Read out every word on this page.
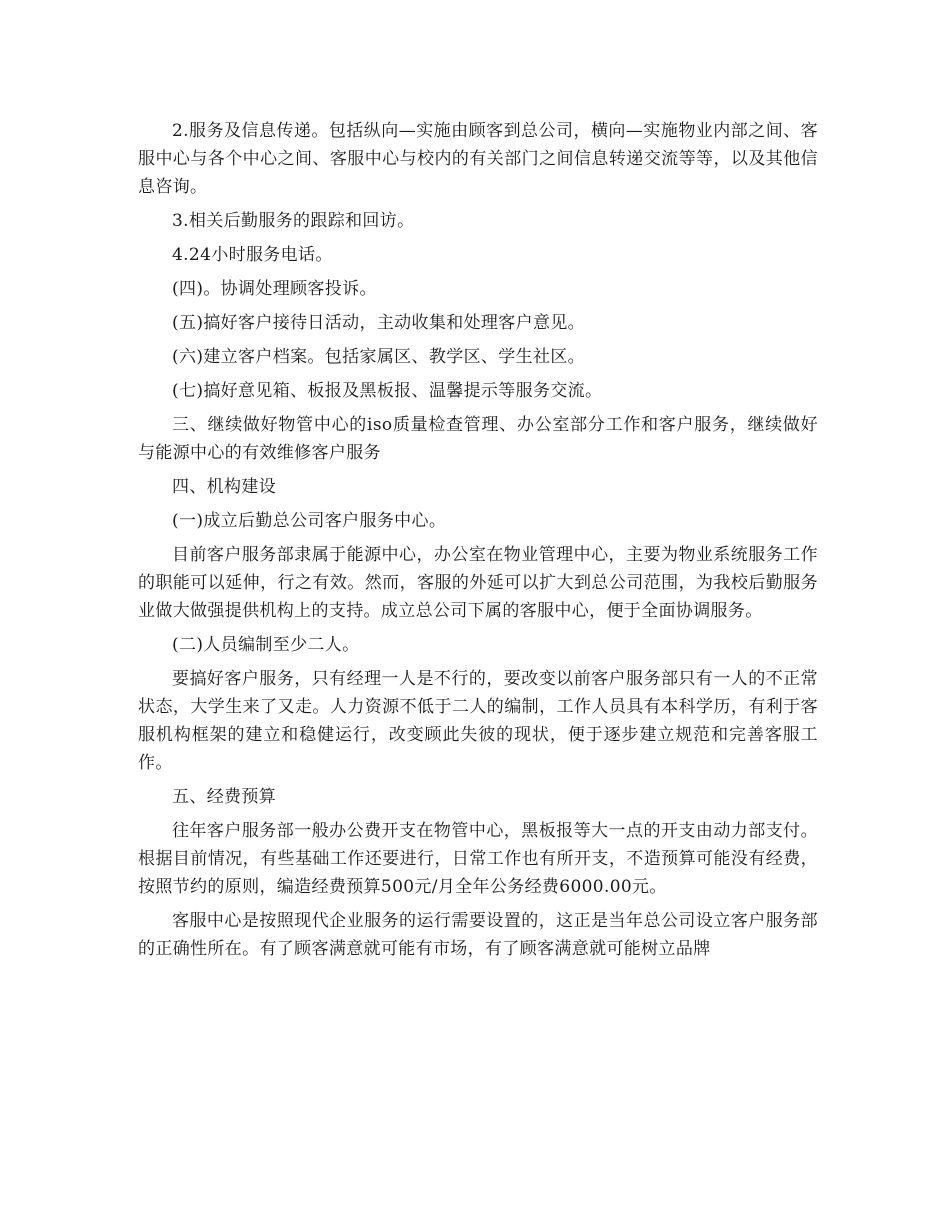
2.服务及信息传递。包括纵向—实施由顾客到总公司，横向—实施物业内部之间、客服中心与各个中心之间、客服中心与校内的有关部门之间信息转递交流等等，以及其他信息咨询。

3.相关后勤服务的跟踪和回访。

4.24小时服务电话。

(四)。协调处理顾客投诉。

(五)搞好客户接待日活动，主动收集和处理客户意见。

(六)建立客户档案。包括家属区、教学区、学生社区。

(七)搞好意见箱、板报及黑板报、温馨提示等服务交流。

三、继续做好物管中心的iso质量检查管理、办公室部分工作和客户服务，继续做好与能源中心的有效维修客户服务

四、机构建设

(一)成立后勤总公司客户服务中心。

目前客户服务部隶属于能源中心，办公室在物业管理中心，主要为物业系统服务工作的职能可以延伸，行之有效。然而，客服的外延可以扩大到总公司范围，为我校后勤服务业做大做强提供机构上的支持。成立总公司下属的客服中心，便于全面协调服务。

(二)人员编制至少二人。

要搞好客户服务，只有经理一人是不行的，要改变以前客户服务部只有一人的不正常状态，大学生来了又走。人力资源不低于二人的编制，工作人员具有本科学历，有利于客服机构框架的建立和稳健运行，改变顾此失彼的现状，便于逐步建立规范和完善客服工作。

五、经费预算

往年客户服务部一般办公费开支在物管中心，黑板报等大一点的开支由动力部支付。根据目前情况，有些基础工作还要进行，日常工作也有所开支，不造预算可能没有经费，按照节约的原则，编造经费预算500元/月全年公务经费6000.00元。

客服中心是按照现代企业服务的运行需要设置的，这正是当年总公司设立客户服务部的正确性所在。有了顾客满意就可能有市场，有了顾客满意就可能树立品牌
